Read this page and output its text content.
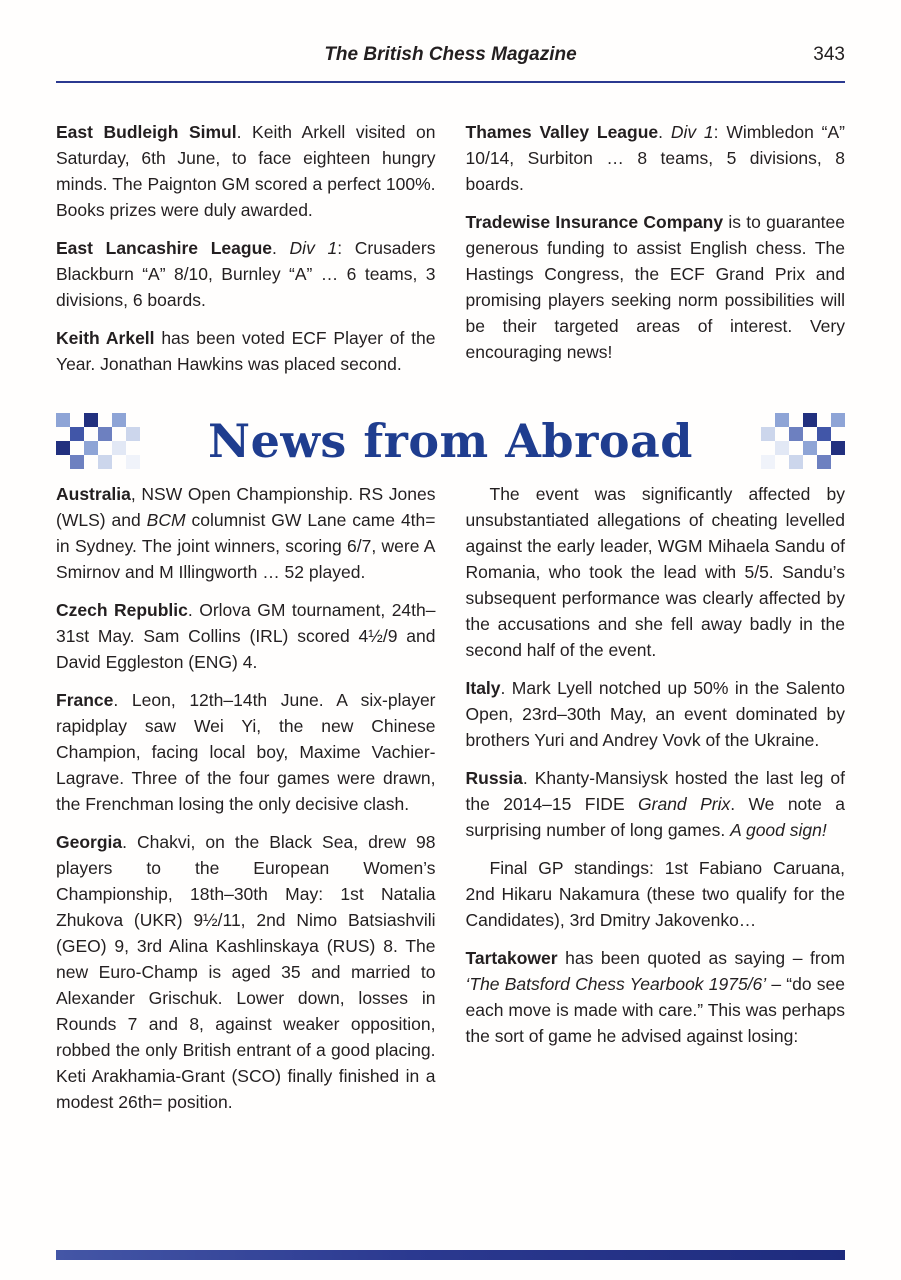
The British Chess Magazine	343

East Budleigh Simul. Keith Arkell visited on Saturday, 6th June, to face eighteen hungry minds. The Paignton GM scored a perfect 100%. Books prizes were duly awarded.

East Lancashire League. Div 1: Crusaders Blackburn “A” 8/10, Burnley “A” … 6 teams, 3 divisions, 6 boards.

Keith Arkell has been voted ECF Player of the Year. Jonathan Hawkins was placed second.

Thames Valley League. Div 1: Wimbledon “A” 10/14, Surbiton … 8 teams, 5 divisions, 8 boards.

Tradewise Insurance Company is to guarantee generous funding to assist English chess. The Hastings Congress, the ECF Grand Prix and promising players seeking norm possibilities will be their targeted areas of interest. Very encouraging news!

News from Abroad

Australia, NSW Open Championship. RS Jones (WLS) and BCM columnist GW Lane came 4th= in Sydney. The joint winners, scoring 6/7, were A Smirnov and M Illingworth … 52 played.

Czech Republic. Orlova GM tournament, 24th–31st May. Sam Collins (IRL) scored 4½/9 and David Eggleston (ENG) 4.

France. Leon, 12th–14th June. A six-player rapidplay saw Wei Yi, the new Chinese Champion, facing local boy, Maxime Vachier-Lagrave. Three of the four games were drawn, the Frenchman losing the only decisive clash.

Georgia. Chakvi, on the Black Sea, drew 98 players to the European Women’s Championship, 18th–30th May: 1st Natalia Zhukova (UKR) 9½/11, 2nd Nimo Batsiashvili (GEO) 9, 3rd Alina Kashlinskaya (RUS) 8. The new Euro-Champ is aged 35 and married to Alexander Grischuk. Lower down, losses in Rounds 7 and 8, against weaker opposition, robbed the only British entrant of a good placing. Keti Arakhamia-Grant (SCO) finally finished in a modest 26th= position.

The event was significantly affected by unsubstantiated allegations of cheating levelled against the early leader, WGM Mihaela Sandu of Romania, who took the lead with 5/5. Sandu’s subsequent performance was clearly affected by the accusations and she fell away badly in the second half of the event.

Italy. Mark Lyell notched up 50% in the Salento Open, 23rd–30th May, an event dominated by brothers Yuri and Andrey Vovk of the Ukraine.

Russia. Khanty-Mansiysk hosted the last leg of the 2014–15 FIDE Grand Prix. We note a surprising number of long games. A good sign!

Final GP standings: 1st Fabiano Caruana, 2nd Hikaru Nakamura (these two qualify for the Candidates), 3rd Dmitry Jakovenko…

Tartakower has been quoted as saying – from ‘The Batsford Chess Yearbook 1975/6’ – “do see each move is made with care.” This was perhaps the sort of game he advised against losing:
